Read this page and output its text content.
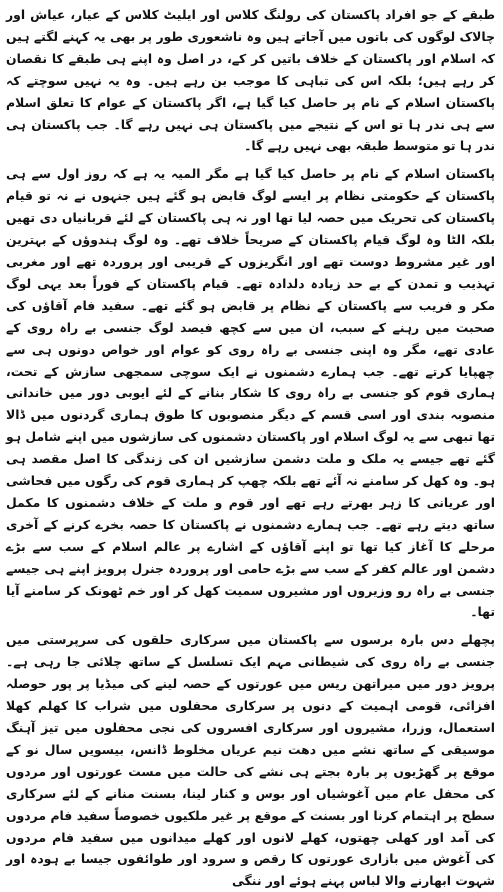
طبقے کے جو افراد پاکستان کی رولنگ کلاس اور ایلیٹ کلاس کے عیار، عیاش اور چالاک لوگوں کی باتوں میں آجاتے ہیں وہ ناشعوری طور پر بھی یہ کہنے لگتے ہیں کہ اسلام اور پاکستان کے خلاف باتیں کر کے، در اصل وہ اپنے ہی طبقے کا نقصان کر رہے ہیں؛ بلکہ اس کی تباہی کا موجب بن رہے ہیں۔ وہ یہ نہیں سوچتے کہ پاکستان اسلام کے نام پر حاصل کیا گیا ہے، اگر پاکستان کے عوام کا تعلق اسلام سے ہی ندر ہا تو اس کے نتیجے میں پاکستان ہی نہیں رہے گا۔ جب پاکستان ہی ندر ہا تو متوسط طبقہ بھی نہیں رہے گا۔

پاکستان اسلام کے نام پر حاصل کیا گیا ہے مگر المیہ یہ ہے کہ روز اول سے ہی پاکستان کے حکومتی نظام پر ایسے لوگ قابض ہو گئے ہیں جنہوں نے نہ تو قیام پاکستان کی تحریک میں حصہ لیا تھا اور نہ ہی پاکستان کے لئے قربانیاں دی تھیں بلکہ الٹا وہ لوگ قیام پاکستان کے صریحاً خلاف تھے۔ وہ لوگ ہندوؤں کے بہترین اور غیر مشروط دوست تھے اور انگریزوں کے قریبی اور پروردہ تھے اور مغربی تہذیب و تمدن کے بے حد زیادہ دلدادہ تھے۔ قیام پاکستان کے فوراً بعد یہی لوگ مکر و فریب سے پاکستان کے نظام پر قابض ہو گئے تھے۔ سفید فام آقاؤں کی صحبت میں رہنے کے سبب، ان میں سے کچھ فیصد لوگ جنسی بے راہ روی کے عادی تھے، مگر وہ اپنی جنسی بے راہ روی کو عوام اور خواص دونوں ہی سے چھپایا کرتے تھے۔ جب ہمارے دشمنوں نے ایک سوچی سمجھی سازش کے تحت، ہماری قوم کو جنسی بے راہ روی کا شکار بنانے کے لئے ایوبی دور میں خاندانی منصوبہ بندی اور اسی قسم کے دیگر منصوبوں کا طوق ہماری گردنوں میں ڈالا تھا تبھی سے یہ لوگ اسلام اور پاکستان دشمنوں کی سازشوں میں اپنے شامل ہو گئے تھے جیسے یہ ملک و ملت دشمن سازشیں ان کی زندگی کا اصل مقصد ہی ہو۔ وہ کھل کر سامنے نہ آئے تھے بلکہ چھپ کر ہماری قوم کی رگوں میں فحاشی اور عریانی کا زہر بھرتے رہے تھے اور قوم و ملت کے خلاف دشمنوں کا مکمل ساتھ دیتے رہے تھے۔ جب ہمارے دشمنوں نے پاکستان کا حصہ بخرے کرنے کے آخری مرحلے کا آغاز کیا تھا تو اپنے آقاؤں کے اشارے پر عالم اسلام کے سب سے بڑے دشمن اور عالم کفر کے سب سے بڑے حامی اور پروردہ جنرل پرویز اپنے ہی جیسے جنسی بے راہ رو وزیروں اور مشیروں سمیت کھل کر اور خم ٹھونک کر سامنے آیا تھا۔

پچھلے دس بارہ برسوں سے پاکستان میں سرکاری حلقوں کی سرپرستی میں جنسی بے راہ روی کی شیطانی مہم ایک تسلسل کے ساتھ چلائی جا رہی ہے۔ پرویز دور میں میراتھن ریس میں عورتوں کے حصہ لینے کی میڈیا پر پور حوصلہ افزائی، قومی اہمیت کے دنوں پر سرکاری محفلوں میں شراب کا کھلم کھلا استعمال، وزرا، مشیروں اور سرکاری افسروں کی نجی محفلوں میں تیز آہنگ موسیقی کے ساتھ نشے میں دھت نیم عریاں مخلوط ڈانس، بیسویں سال نو کے موقع پر گھڑیوں پر بارہ بجتے ہی نشے کی حالت میں مست عورتوں اور مردوں کی محفل عام میں آغوشیاں اور بوس و کنار لینا، بسنت منانے کے لئے سرکاری سطح پر اہتمام کرنا اور بسنت کے موقع پر غیر ملکیوں خصوصاً سفید فام مردوں کی آمد اور کھلی چھتوں، کھلے لانوں اور کھلے میدانوں میں سفید فام مردوں کی آغوش میں بازاری عورتوں کا رقص و سرود اور طوائفوں جیسا بے ہودہ اور شہوت ابھارنے والا لباس پہنے ہوئے اور ننگی
